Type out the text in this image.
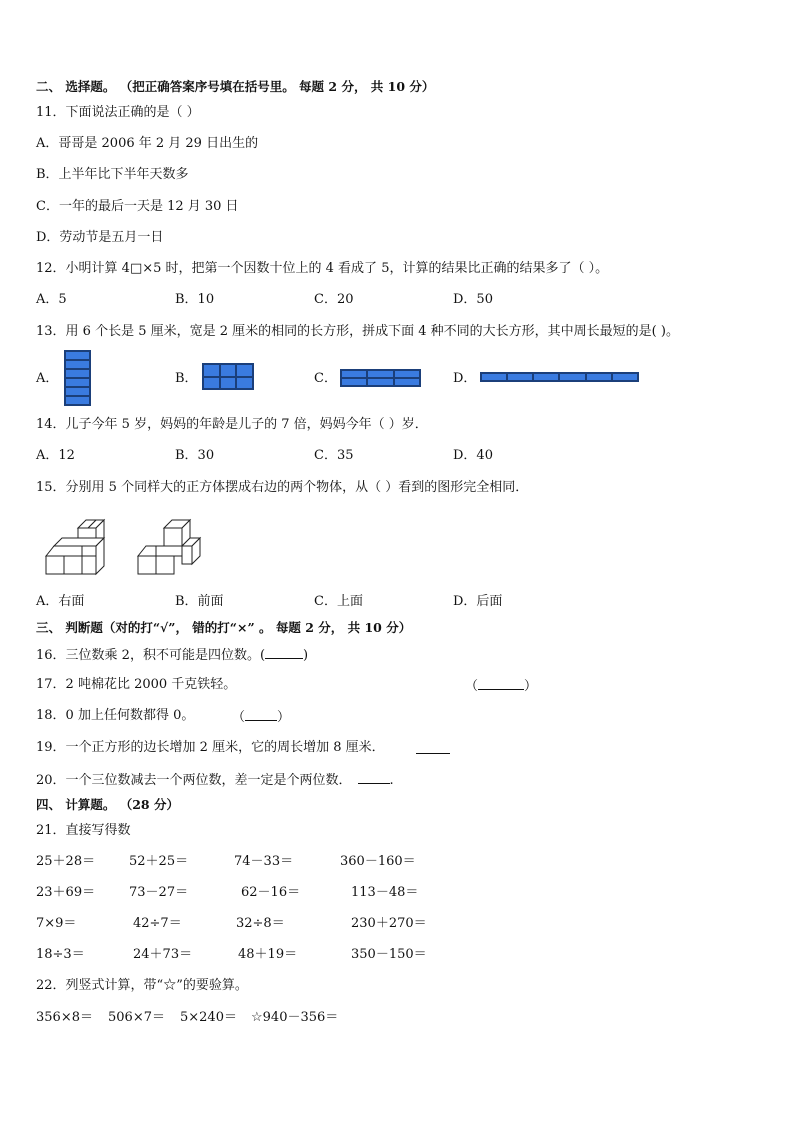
二、 选择题。 （把正确答案序号填在括号里。 每题 2 分， 共 10 分）
11．下面说法正确的是（ ）
A．哥哥是 2006 年 2 月 29 日出生的
B．上半年比下半年天数多
C．一年的最后一天是 12 月 30 日
D．劳动节是五月一日
12．小明计算 4□×5 时，把第一个因数十位上的 4 看成了 5，计算的结果比正确的结果多了（ ）。
A．5	B．10	C．20	D．50
13．用 6 个长是 5 厘米，宽是 2 厘米的相同的长方形，拼成下面 4 种不同的大长方形，其中周长最短的是( )。
A．	B．	C．	D．
14．儿子今年 5 岁，妈妈的年龄是儿子的 7 倍，妈妈今年（ ）岁．
A．12	B．30	C．35	D．40
15．分别用 5 个同样大的正方体摆成右边的两个物体，从（ ）看到的图形完全相同．
A．右面	B．前面	C．上面	D．后面
三、 判断题（对的打“√”， 错的打“×” 。 每题 2 分， 共 10 分）
16．三位数乘 2，积不可能是四位数。(	)
17．2 吨棉花比 2000 千克铁轻。	（	）
18．0 加上任何数都得 0。	（ ）
19．一个正方形的边长增加 2 厘米，它的周长增加 8 厘米．
20．一个三位数减去一个两位数，差一定是个两位数．	.
四、 计算题。 （28 分）
21．直接写得数
25＋28＝	52＋25＝	74－33＝	360－160＝
23＋69＝	73－27＝	62－16＝	113－48＝
7×9＝	42÷7＝	32÷8＝	230＋270＝
18÷3＝	24＋73＝	48＋19＝	350－150＝
22．列竖式计算，带“☆”的要验算。
356×8＝ 506×7＝ 5×240＝ ☆940－356＝
